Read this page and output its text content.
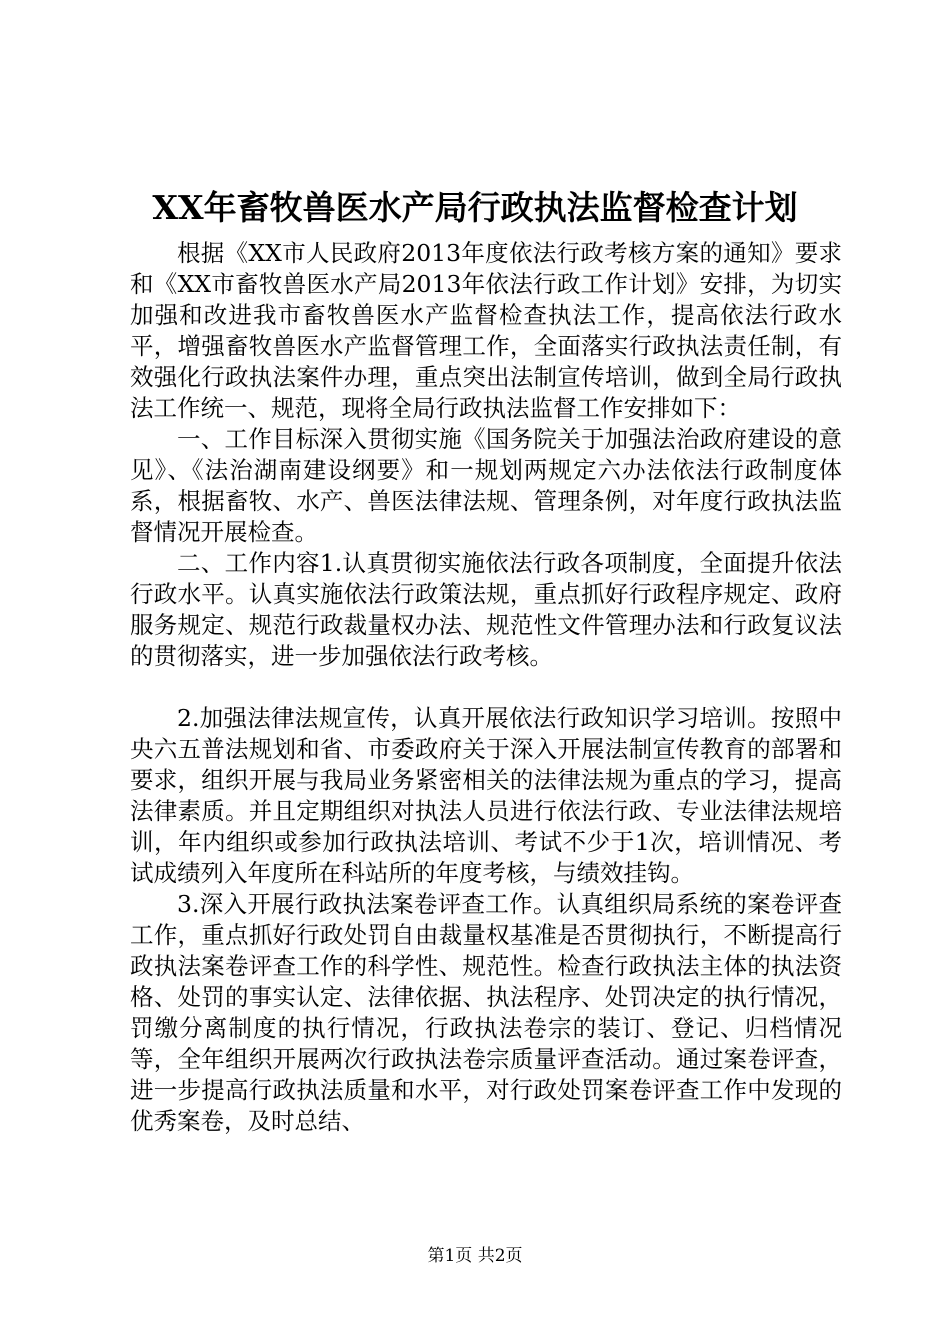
XX年畜牧兽医水产局行政执法监督检查计划

根据《XX市人民政府2013年度依法行政考核方案的通知》要求和《XX市畜牧兽医水产局2013年依法行政工作计划》安排，为切实加强和改进我市畜牧兽医水产监督检查执法工作，提高依法行政水平，增强畜牧兽医水产监督管理工作，全面落实行政执法责任制，有效强化行政执法案件办理，重点突出法制宣传培训，做到全局行政执法工作统一、规范，现将全局行政执法监督工作安排如下：

一、工作目标深入贯彻实施《国务院关于加强法治政府建设的意见》、《法治湖南建设纲要》和一规划两规定六办法依法行政制度体系，根据畜牧、水产、兽医法律法规、管理条例，对年度行政执法监督情况开展检查。

二、工作内容1.认真贯彻实施依法行政各项制度，全面提升依法行政水平。认真实施依法行政策法规，重点抓好行政程序规定、政府服务规定、规范行政裁量权办法、规范性文件管理办法和行政复议法的贯彻落实，进一步加强依法行政考核。

2.加强法律法规宣传，认真开展依法行政知识学习培训。按照中央六五普法规划和省、市委政府关于深入开展法制宣传教育的部署和要求，组织开展与我局业务紧密相关的法律法规为重点的学习，提高法律素质。并且定期组织对执法人员进行依法行政、专业法律法规培训，年内组织或参加行政执法培训、考试不少于1次，培训情况、考试成绩列入年度所在科站所的年度考核，与绩效挂钩。

3.深入开展行政执法案卷评查工作。认真组织局系统的案卷评查工作，重点抓好行政处罚自由裁量权基准是否贯彻执行，不断提高行政执法案卷评查工作的科学性、规范性。检查行政执法主体的执法资格、处罚的事实认定、法律依据、执法程序、处罚决定的执行情况，罚缴分离制度的执行情况，行政执法卷宗的装订、登记、归档情况等，全年组织开展两次行政执法卷宗质量评查活动。通过案卷评查，进一步提高行政执法质量和水平，对行政处罚案卷评查工作中发现的优秀案卷，及时总结、

第1页 共2页
